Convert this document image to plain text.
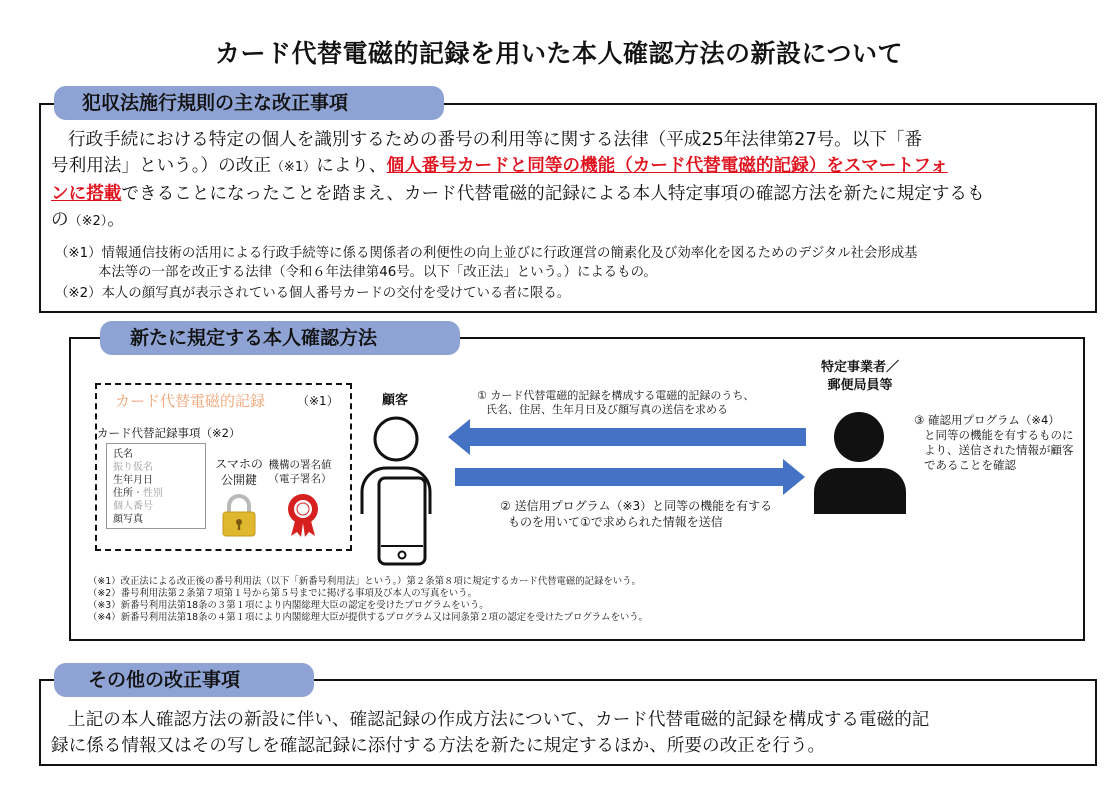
カード代替電磁的記録を用いた本人確認方法の新設について
犯収法施行規則の主な改正事項
行政手続における特定の個人を識別するための番号の利用等に関する法律（平成25年法律第27号。以下「番
号利用法」という。）の改正（※1）により、個人番号カードと同等の機能（カード代替電磁的記録）をスマートフォ
ンに搭載できることになったことを踏まえ、カード代替電磁的記録による本人特定事項の確認方法を新たに規定するも
の（※2）。
（※1）情報通信技術の活用による行政手続等に係る関係者の利便性の向上並びに行政運営の簡素化及び効率化を図るためのデジタル社会形成基
本法等の一部を改正する法律（令和６年法律第46号。以下「改正法」という。）によるもの。
（※2）本人の顔写真が表示されている個人番号カードの交付を受けている者に限る。
新たに規定する本人確認方法
カード代替電磁的記録	（※1）
カード代替記録事項（※2）
氏名
振り仮名
生年月日
住所・性別
個人番号
顔写真
スマホの
公開鍵
機構の署名値
（電子署名）
顧客	① カード代替電磁的記録を構成する電磁的記録のうち、
氏名、住居、生年月日及び顔写真の送信を求める
② 送信用プログラム（※3）と同等の機能を有する
ものを用いて①で求められた情報を送信
特定事業者／
郵便局員等
③ 確認用プログラム（※4）
と同等の機能を有するものに
より、送信された情報が顧客
であることを確認
（※1）改正法による改正後の番号利用法（以下「新番号利用法」という。）第２条第８項に規定するカード代替電磁的記録をいう。
（※2）番号利用法第２条第７項第１号から第５号までに掲げる事項及び本人の写真をいう。
（※3）新番号利用法第18条の３第１項により内閣総理大臣の認定を受けたプログラムをいう。
（※4）新番号利用法第18条の４第１項により内閣総理大臣が提供するプログラム又は同条第２項の認定を受けたプログラムをいう。
その他の改正事項
上記の本人確認方法の新設に伴い、確認記録の作成方法について、カード代替電磁的記録を構成する電磁的記
録に係る情報又はその写しを確認記録に添付する方法を新たに規定するほか、所要の改正を行う。
